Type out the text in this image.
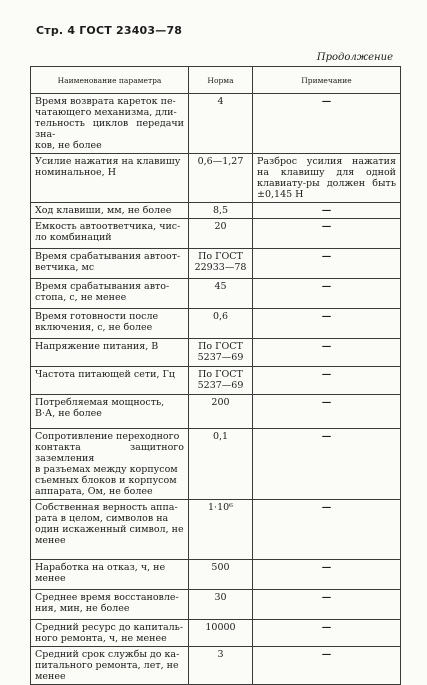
Стр. 4 ГОСТ 23403—78
Продолжение
Наименование параметра	Норма	Примечание

Время возврата кареток пе-
чатающего механизма, дли-
тельность циклов передачи зна-
ков, не более	4	—

Усилие нажатия на клавишу
номинальное, Н	0,6—1,27	Разброс усилия нажатия на клавишу для одной клавиату-ры должен быть ±0,145 Н

Ход клавиши, мм, не более	8,5	—

Емкость автоответчика, чис-
ло комбинаций	20	—

Время срабатывания автоот-
ветчика, мс	По ГОСТ
22933—78	—

Время срабатывания авто-
стопа, с, не менее	45	—

Время готовности после
включения, с, не более	0,6	—

Напряжение питания, В	По ГОСТ
5237—69	—

Частота питающей сети, Гц	По ГОСТ
5237—69	—

Потребляемая мощность,
В·А, не более	200	—

Сопротивление переходного
контакта защитного заземления
в разъемах между корпусом
съемных блоков и корпусом
аппарата, Ом, не более	0,1	—

Собственная верность аппа-
рата в целом, символов на
один искаженный символ, не
менее	1·10⁶	—

Наработка на отказ, ч, не
менее	500	—

Среднее время восстановле-
ния, мин, не более	30	—

Средний ресурс до капиталь-
ного ремонта, ч, не менее	10000	—

Средний срок службы до ка-
питального ремонта, лет, не
менее	3	—
